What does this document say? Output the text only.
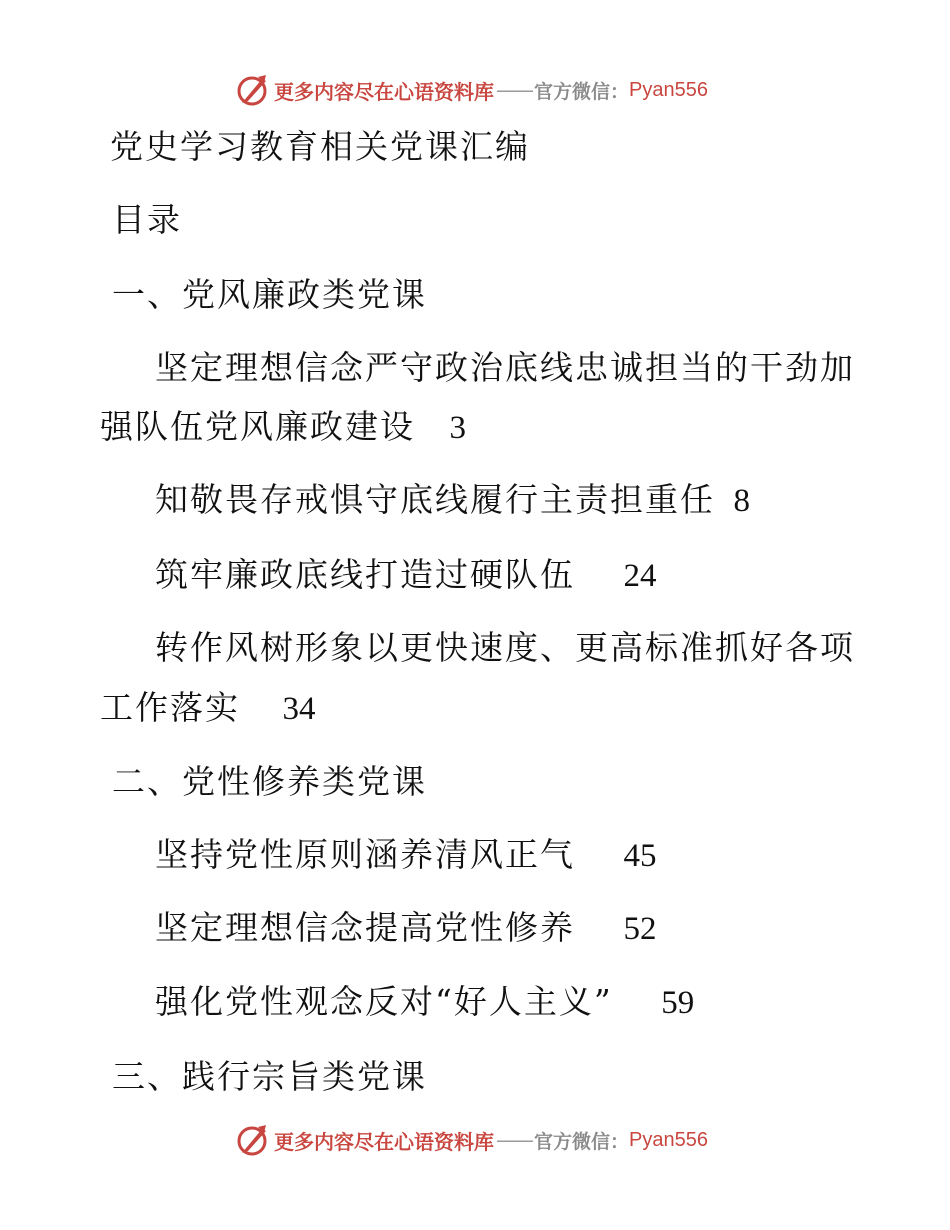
更多内容尽在心语资料库 —— 官方微信： Pyan556
党史学习教育相关党课汇编
目录
一、党风廉政类党课
坚定理想信念严守政治底线忠诚担当的干劲加
强队伍党风廉政建设 3
知敬畏存戒惧守底线履行主责担重任 8
筑牢廉政底线打造过硬队伍 24
转作风树形象以更快速度、更高标准抓好各项
工作落实 34
二、党性修养类党课
坚持党性原则涵养清风正气 45
坚定理想信念提高党性修养 52
强化党性观念反对“好人主义” 59
三、践行宗旨类党课
更多内容尽在心语资料库 —— 官方微信： Pyan556
